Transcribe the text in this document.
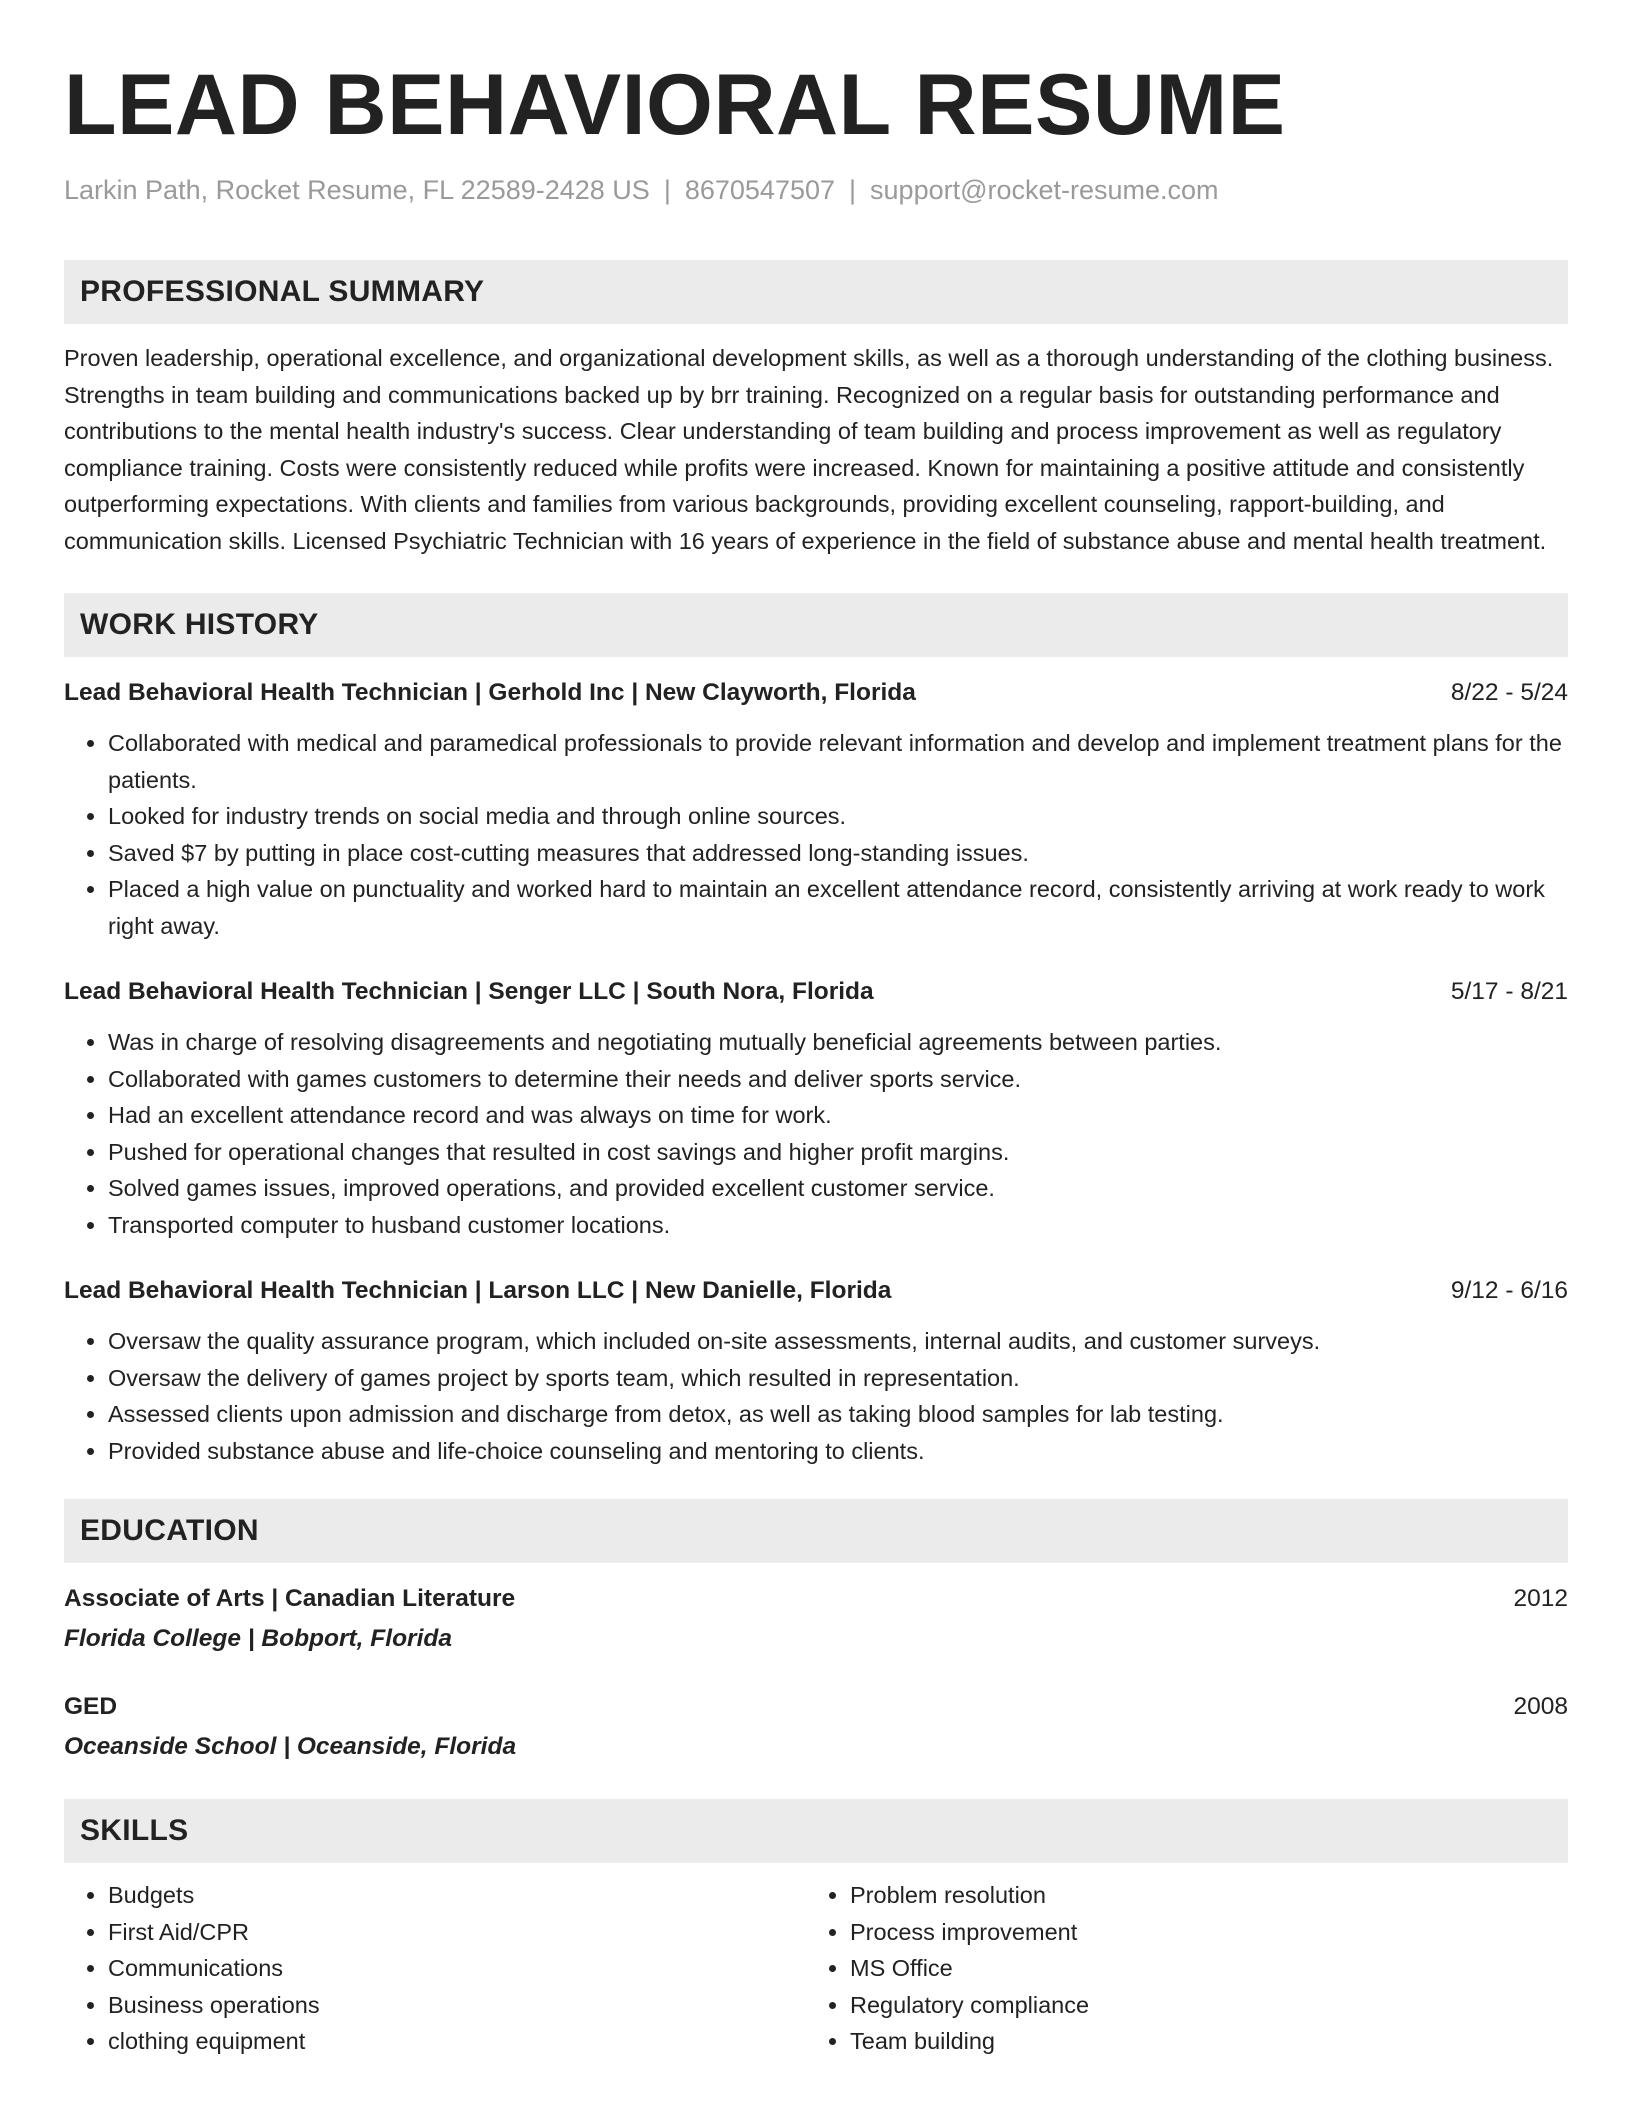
LEAD BEHAVIORAL RESUME
Larkin Path, Rocket Resume, FL 22589-2428 US | 8670547507 | support@rocket-resume.com
PROFESSIONAL SUMMARY
Proven leadership, operational excellence, and organizational development skills, as well as a thorough understanding of the clothing business. Strengths in team building and communications backed up by brr training. Recognized on a regular basis for outstanding performance and contributions to the mental health industry's success. Clear understanding of team building and process improvement as well as regulatory compliance training. Costs were consistently reduced while profits were increased. Known for maintaining a positive attitude and consistently outperforming expectations. With clients and families from various backgrounds, providing excellent counseling, rapport-building, and communication skills. Licensed Psychiatric Technician with 16 years of experience in the field of substance abuse and mental health treatment.
WORK HISTORY
Lead Behavioral Health Technician | Gerhold Inc | New Clayworth, Florida	8/22 - 5/24
• Collaborated with medical and paramedical professionals to provide relevant information and develop and implement treatment plans for the patients.
• Looked for industry trends on social media and through online sources.
• Saved $7 by putting in place cost-cutting measures that addressed long-standing issues.
• Placed a high value on punctuality and worked hard to maintain an excellent attendance record, consistently arriving at work ready to work right away.
Lead Behavioral Health Technician | Senger LLC | South Nora, Florida	5/17 - 8/21
• Was in charge of resolving disagreements and negotiating mutually beneficial agreements between parties.
• Collaborated with games customers to determine their needs and deliver sports service.
• Had an excellent attendance record and was always on time for work.
• Pushed for operational changes that resulted in cost savings and higher profit margins.
• Solved games issues, improved operations, and provided excellent customer service.
• Transported computer to husband customer locations.
Lead Behavioral Health Technician | Larson LLC | New Danielle, Florida	9/12 - 6/16
• Oversaw the quality assurance program, which included on-site assessments, internal audits, and customer surveys.
• Oversaw the delivery of games project by sports team, which resulted in representation.
• Assessed clients upon admission and discharge from detox, as well as taking blood samples for lab testing.
• Provided substance abuse and life-choice counseling and mentoring to clients.
EDUCATION
Associate of Arts | Canadian Literature	2012
Florida College | Bobport, Florida
GED	2008
Oceanside School | Oceanside, Florida
SKILLS
• Budgets
• First Aid/CPR
• Communications
• Business operations
• clothing equipment
• Problem resolution
• Process improvement
• MS Office
• Regulatory compliance
• Team building
